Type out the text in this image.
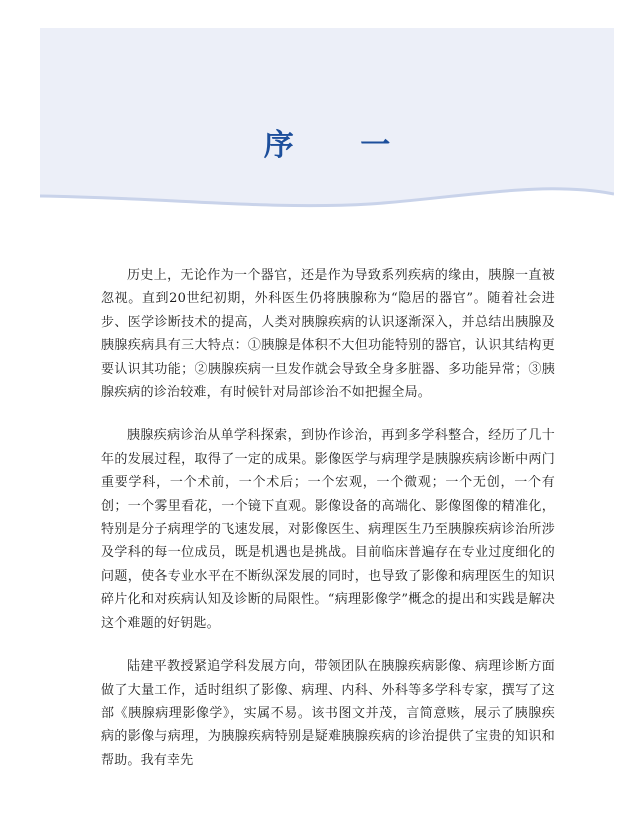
序 一

历史上，无论作为一个器官，还是作为导致系列疾病的缘由，胰腺一直被忽视。直到20世纪初期，外科医生仍将胰腺称为“隐居的器官”。随着社会进步、医学诊断技术的提高，人类对胰腺疾病的认识逐渐深入，并总结出胰腺及胰腺疾病具有三大特点：①胰腺是体积不大但功能特别的器官，认识其结构更要认识其功能；②胰腺疾病一旦发作就会导致全身多脏器、多功能异常；③胰腺疾病的诊治较难，有时候针对局部诊治不如把握全局。

胰腺疾病诊治从单学科探索，到协作诊治，再到多学科整合，经历了几十年的发展过程，取得了一定的成果。影像医学与病理学是胰腺疾病诊断中两门重要学科，一个术前，一个术后；一个宏观，一个微观；一个无创，一个有创；一个雾里看花，一个镜下直观。影像设备的高端化、影像图像的精准化，特别是分子病理学的飞速发展，对影像医生、病理医生乃至胰腺疾病诊治所涉及学科的每一位成员，既是机遇也是挑战。目前临床普遍存在专业过度细化的问题，使各专业水平在不断纵深发展的同时，也导致了影像和病理医生的知识碎片化和对疾病认知及诊断的局限性。“病理影像学”概念的提出和实践是解决这个难题的好钥匙。

陆建平教授紧追学科发展方向，带领团队在胰腺疾病影像、病理诊断方面做了大量工作，适时组织了影像、病理、内科、外科等多学科专家，撰写了这部《胰腺病理影像学》，实属不易。该书图文并茂，言简意赅，展示了胰腺疾病的影像与病理，为胰腺疾病特别是疑难胰腺疾病的诊治提供了宝贵的知识和帮助。我有幸先
